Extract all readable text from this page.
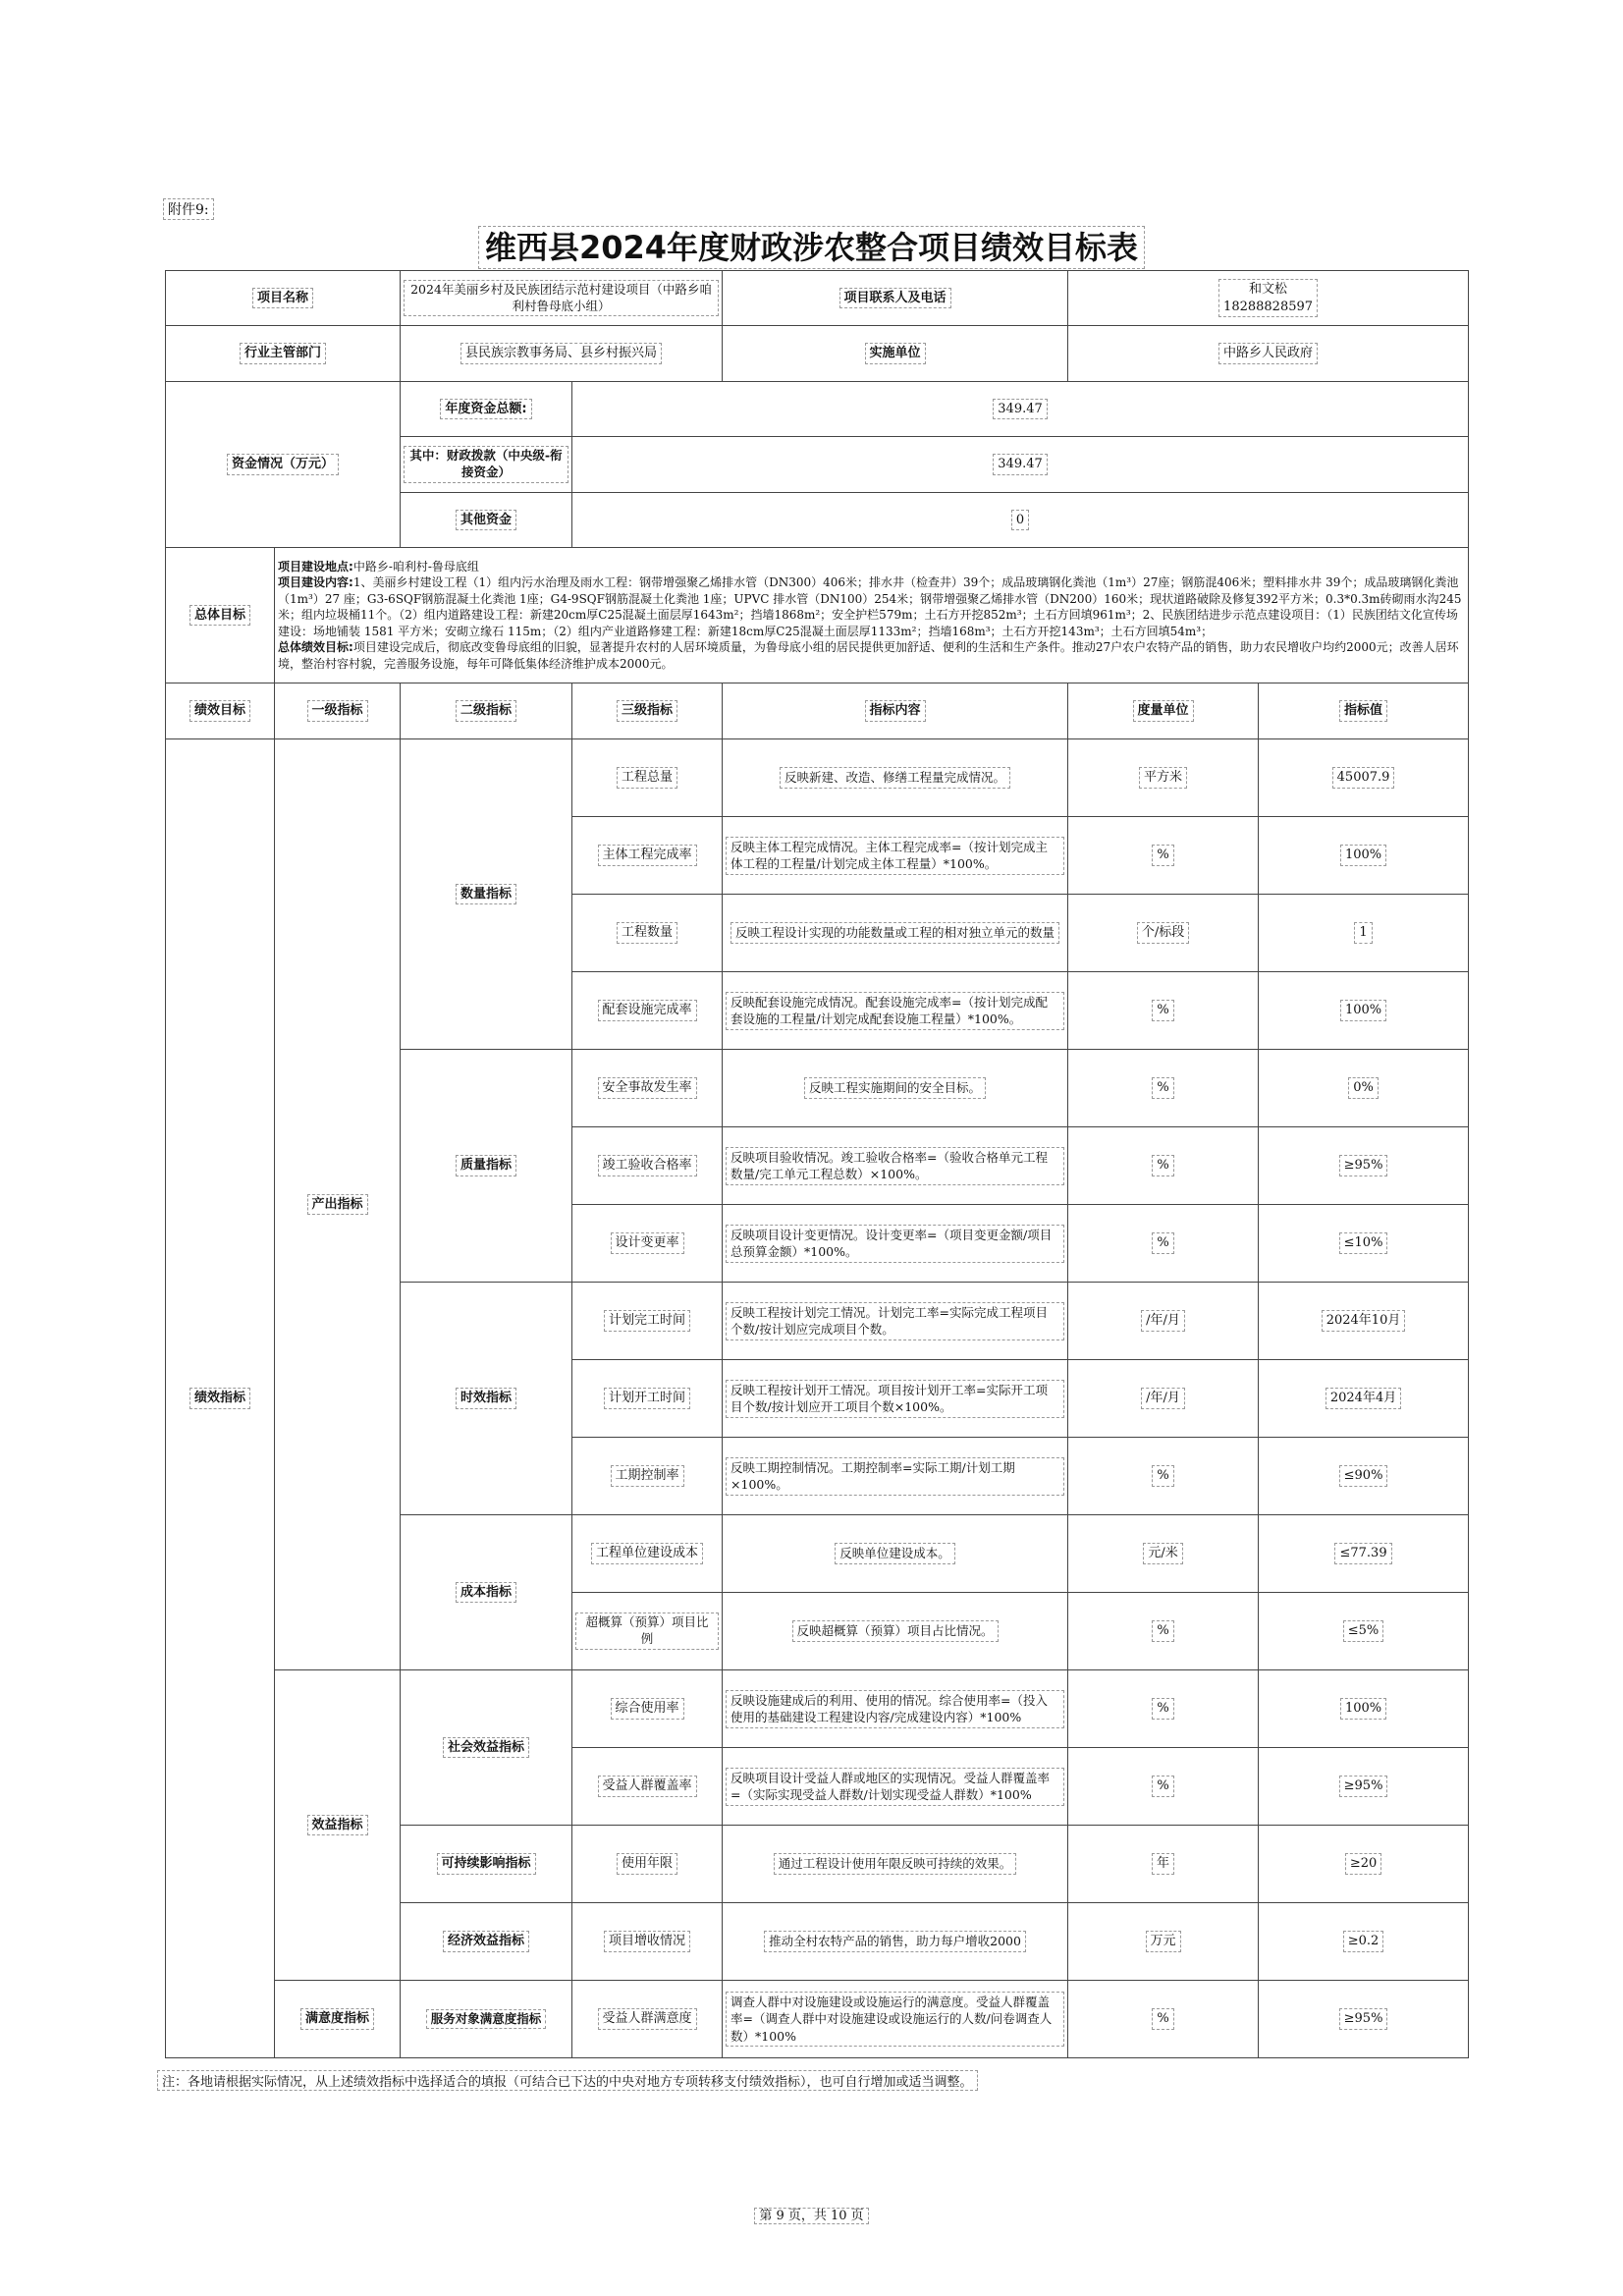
附件9:
维西县2024年度财政涉农整合项目绩效目标表
项目名称		2024年美丽乡村及民族团结示范村建设项目（中路乡咱利村鲁母底小组）		项目联系人及电话	和文松
18288828597	
行业主管部门		县民族宗教事务局、县乡村振兴局		实施单位	中路乡人民政府	
资金情况（万元）		年度资金总额:	349.47			
		其中：财政拨款（中央级-衔接资金）	349.47			
		其他资金	0			
总体目标	项目建设地点:中路乡-咱利村-鲁母底组
项目建设内容:1、美丽乡村建设工程（1）组内污水治理及雨水工程：钢带增强聚乙烯排水管（DN300）406米；排水井（检查井）39个；成品玻璃钢化粪池（1m³）27座；钢筋混406米；塑料排水井 39个；成品玻璃钢化粪池（1m³）27 座；G3-6SQF钢筋混凝土化粪池 1座；G4-9SQF钢筋混凝土化粪池 1座；UPVC 排水管（DN100）254米；钢带增强聚乙烯排水管（DN200）160米；现状道路破除及修复392平方米；0.3*0.3m砖砌雨水沟245米；组内垃圾桶11个。（2）组内道路建设工程：新建20cm厚C25混凝土面层厚1643m²；挡墙1868m²；安全护栏579m；土石方开挖852m³；土石方回填961m³；2、民族团结进步示范点建设项目：（1）民族团结文化宣传场建设：场地铺装 1581 平方米；安砌立缘石 115m；（2）组内产业道路修建工程：新建18cm厚C25混凝土面层厚1133m²；挡墙168m³；土石方开挖143m³；土石方回填54m³；
总体绩效目标:项目建设完成后，彻底改变鲁母底组的旧貌，显著提升农村的人居环境质量，为鲁母底小组的居民提供更加舒适、便利的生活和生产条件。推动27户农户农特产品的销售，助力农民增收户均约2000元；改善人居环境，整治村容村貌，完善服务设施，每年可降低集体经济维护成本2000元。					
绩效目标	一级指标	二级指标	三级指标	指标内容	度量单位	指标值
绩效指标	产出指标	数量指标	工程总量	反映新建、改造、修缮工程量完成情况。	平方米	45007.9
			主体工程完成率	反映主体工程完成情况。主体工程完成率=（按计划完成主体工程的工程量/计划完成主体工程量）*100%。	%	100%
			工程数量	反映工程设计实现的功能数量或工程的相对独立单元的数量	个/标段	1
			配套设施完成率	反映配套设施完成情况。配套设施完成率=（按计划完成配套设施的工程量/计划完成配套设施工程量）*100%。	%	100%
		质量指标	安全事故发生率	反映工程实施期间的安全目标。	%	0%
			竣工验收合格率	反映项目验收情况。竣工验收合格率=（验收合格单元工程数量/完工单元工程总数）×100%。	%	≥95%
			设计变更率	反映项目设计变更情况。设计变更率=（项目变更金额/项目总预算金额）*100%。	%	≤10%
		时效指标	计划完工时间	反映工程按计划完工情况。计划完工率=实际完成工程项目个数/按计划应完成项目个数。	/年/月	2024年10月
			计划开工时间	反映工程按计划开工情况。项目按计划开工率=实际开工项目个数/按计划应开工项目个数×100%。	/年/月	2024年4月
			工期控制率	反映工期控制情况。工期控制率=实际工期/计划工期×100%。	%	≤90%
		成本指标	工程单位建设成本	反映单位建设成本。	元/米	≤77.39
			超概算（预算）项目比例	反映超概算（预算）项目占比情况。	%	≤5%
	效益指标	社会效益指标	综合使用率	反映设施建成后的利用、使用的情况。综合使用率=（投入使用的基础建设工程建设内容/完成建设内容）*100%	%	100%
			受益人群覆盖率	反映项目设计受益人群或地区的实现情况。受益人群覆盖率=（实际实现受益人群数/计划实现受益人群数）*100%	%	≥95%
		可持续影响指标	使用年限	通过工程设计使用年限反映可持续的效果。	年	≥20
		经济效益指标	项目增收情况	推动全村农特产品的销售，助力每户增收2000	万元	≥0.2
	满意度指标	服务对象满意度指标	受益人群满意度	调查人群中对设施建设或设施运行的满意度。受益人群覆盖率=（调查人群中对设施建设或设施运行的人数/问卷调查人数）*100%	%	≥95%
注：各地请根据实际情况，从上述绩效指标中选择适合的填报（可结合已下达的中央对地方专项转移支付绩效指标），也可自行增加或适当调整。
第 9 页，共 10 页
